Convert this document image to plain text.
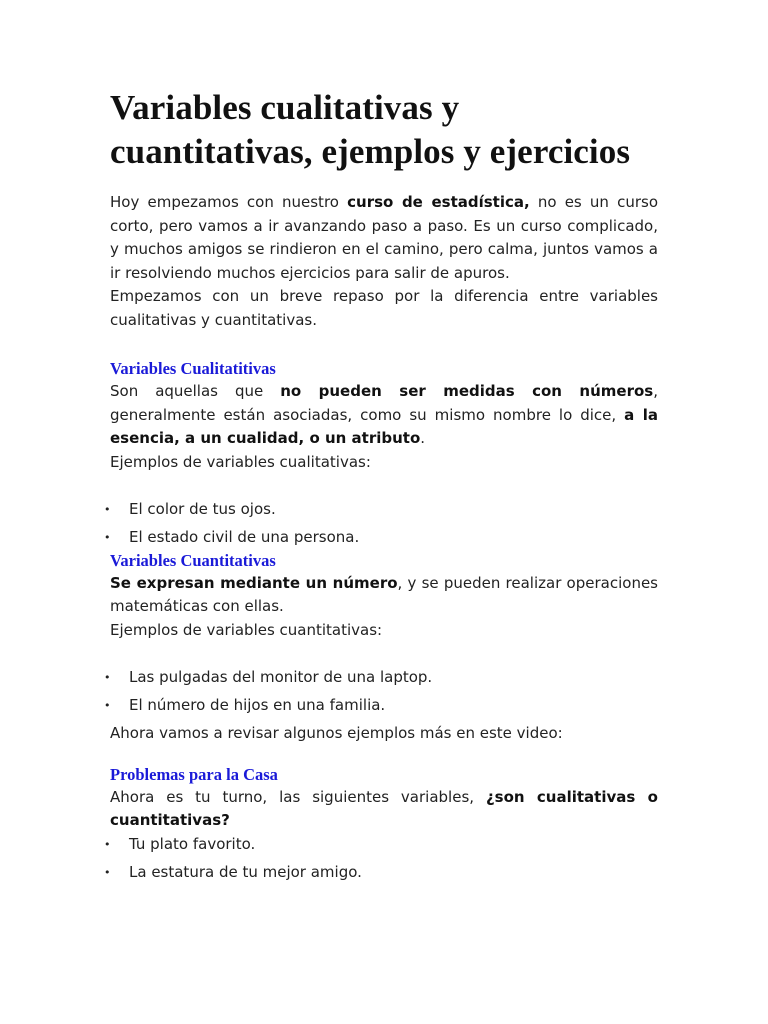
Variables cualitativas y cuantitativas, ejemplos y ejercicios

Hoy empezamos con nuestro curso de estadística, no es un curso corto, pero vamos a ir avanzando paso a paso. Es un curso complicado, y muchos amigos se rindieron en el camino, pero calma, juntos vamos a ir resolviendo muchos ejercicios para salir de apuros.

Empezamos con un breve repaso por la diferencia entre variables cualitativas y cuantitativas.

Variables Cualitatitivas

Son aquellas que no pueden ser medidas con números, generalmente están asociadas, como su mismo nombre lo dice, a la esencia, a un cualidad, o un atributo.

Ejemplos de variables cualitativas:

• El color de tus ojos.
• El estado civil de una persona.
Variables Cuantitativas

Se expresan mediante un número, y se pueden realizar operaciones matemáticas con ellas.

Ejemplos de variables cuantitativas:

• Las pulgadas del monitor de una laptop.
• El número de hijos en una familia.

Ahora vamos a revisar algunos ejemplos más en este video:

Problemas para la Casa

Ahora es tu turno, las siguientes variables, ¿son cualitativas o cuantitativas?

• Tu plato favorito.
• La estatura de tu mejor amigo.
